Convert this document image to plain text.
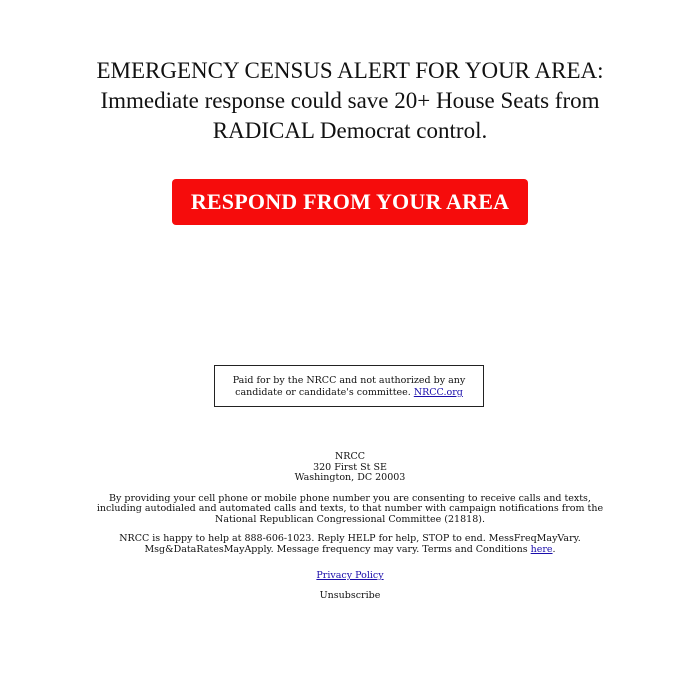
EMERGENCY CENSUS ALERT FOR YOUR AREA:
Immediate response could save 20+ House Seats from
RADICAL Democrat control.
RESPOND FROM YOUR AREA
Paid for by the NRCC and not authorized by any
candidate or candidate's committee. NRCC.org
NRCC
320 First St SE
Washington, DC 20003
By providing your cell phone or mobile phone number you are consenting to receive calls and texts, including autodialed and automated calls and texts, to that number with campaign notifications from the National Republican Congressional Committee (21818).
NRCC is happy to help at 888-606-1023. Reply HELP for help, STOP to end. MessFreqMayVary. Msg&DataRatesMayApply. Message frequency may vary. Terms and Conditions here.
Privacy Policy
Unsubscribe
